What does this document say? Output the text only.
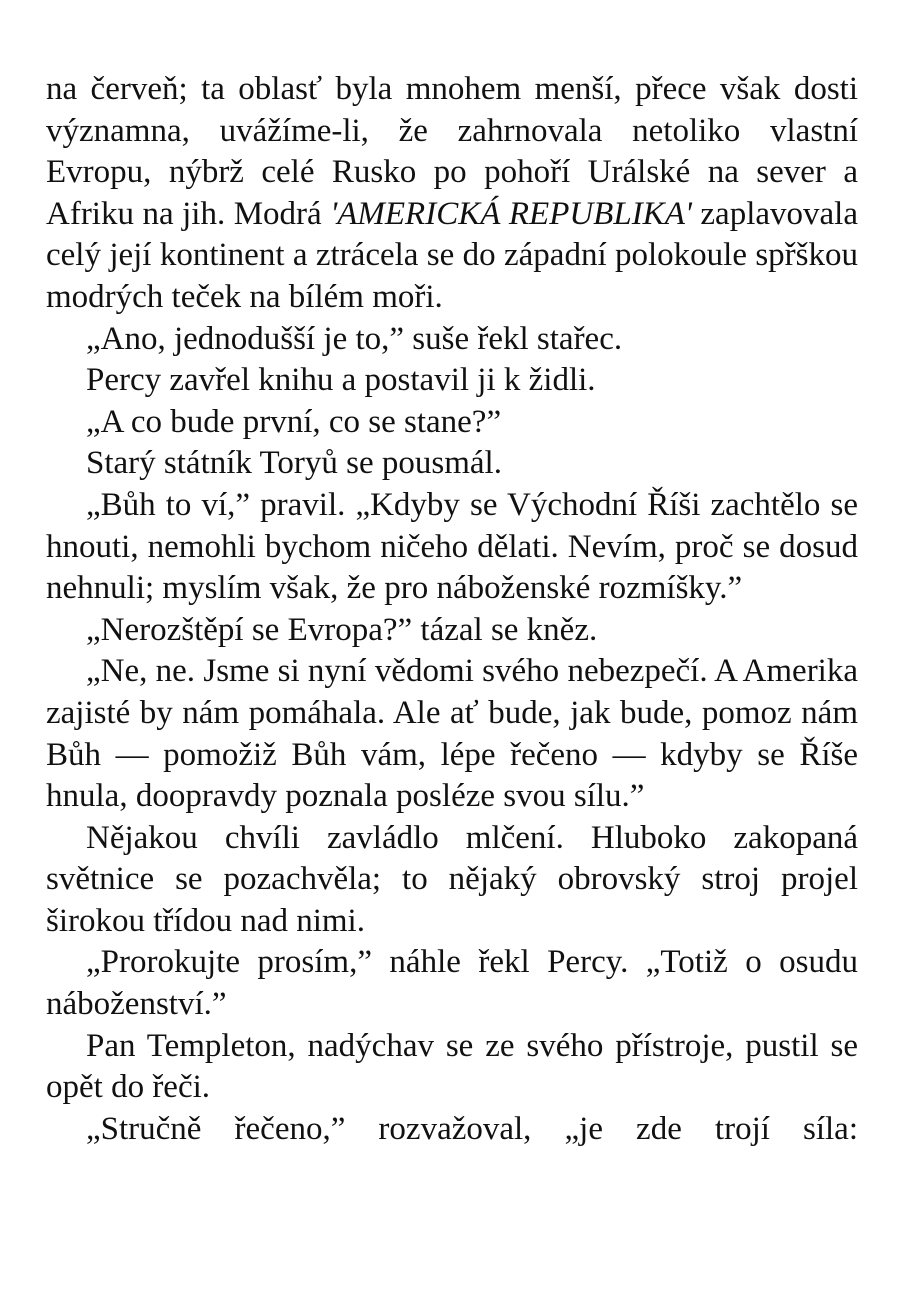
na červeň; ta oblasť byla mnohem menší, přece však dosti významna, uvážíme-li, že zahrnovala netoliko vlastní Evropu, nýbrž celé Rusko po pohoří Urálské na sever a Afriku na jih. Modrá 'AMERICKÁ REPUBLIKA' zaplavovala celý její kontinent a ztrácela se do západní polokoule spřškou modrých teček na bílém moři.

„Ano, jednodušší je to,” suše řekl stařec.

Percy zavřel knihu a postavil ji k židli.

„A co bude první, co se stane?”

Starý státník Toryů se pousmál.

„Bůh to ví,” pravil. „Kdyby se Východní Říši zachtělo se hnouti, nemohli bychom ničeho dělati. Nevím, proč se dosud nehnuli; myslím však, že pro náboženské rozmíšky.”

„Nerozštěpí se Evropa?” tázal se kněz.

„Ne, ne. Jsme si nyní vědomi svého nebezpečí. A Amerika zajisté by nám pomáhala. Ale ať bude, jak bude, pomoz nám Bůh — pomožiž Bůh vám, lépe řečeno — kdyby se Říše hnula, doopravdy poznala posléze svou sílu.”

Nějakou chvíli zavládlo mlčení. Hluboko zakopaná světnice se pozachvěla; to nějaký obrovský stroj projel širokou třídou nad nimi.

„Prorokujte prosím,” náhle řekl Percy. „Totiž o osudu náboženství.”

Pan Templeton, nadýchav se ze svého přístroje, pustil se opět do řeči.

„Stručně řečeno,” rozvažoval, „je zde trojí síla:
